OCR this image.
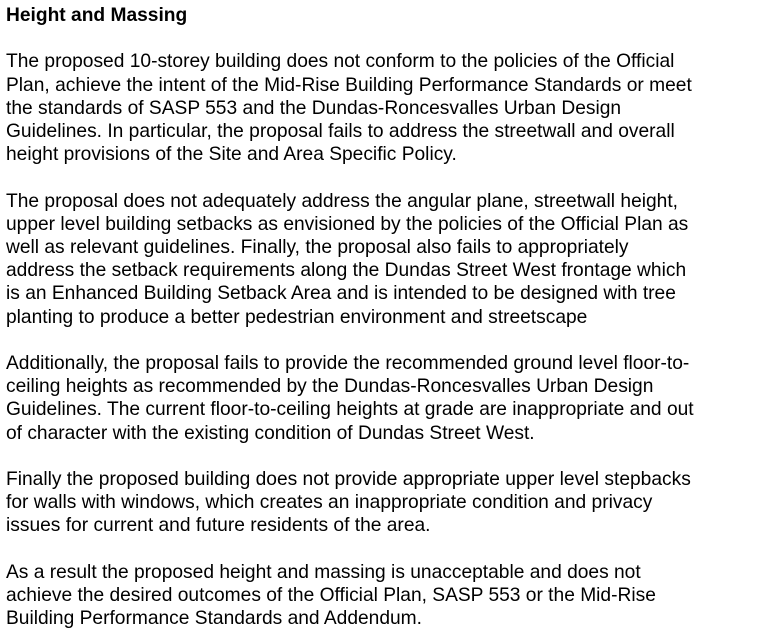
Height and Massing
The proposed 10-storey building does not conform to the policies of the Official
Plan, achieve the intent of the Mid-Rise Building Performance Standards or meet
the standards of SASP 553 and the Dundas-Roncesvalles Urban Design
Guidelines. In particular, the proposal fails to address the streetwall and overall
height provisions of the Site and Area Specific Policy.
The proposal does not adequately address the angular plane, streetwall height,
upper level building setbacks as envisioned by the policies of the Official Plan as
well as relevant guidelines. Finally, the proposal also fails to appropriately
address the setback requirements along the Dundas Street West frontage which
is an Enhanced Building Setback Area and is intended to be designed with tree
planting to produce a better pedestrian environment and streetscape
Additionally, the proposal fails to provide the recommended ground level floor-to-
ceiling heights as recommended by the Dundas-Roncesvalles Urban Design
Guidelines. The current floor-to-ceiling heights at grade are inappropriate and out
of character with the existing condition of Dundas Street West.
Finally the proposed building does not provide appropriate upper level stepbacks
for walls with windows, which creates an inappropriate condition and privacy
issues for current and future residents of the area.
As a result the proposed height and massing is unacceptable and does not
achieve the desired outcomes of the Official Plan, SASP 553 or the Mid-Rise
Building Performance Standards and Addendum.
